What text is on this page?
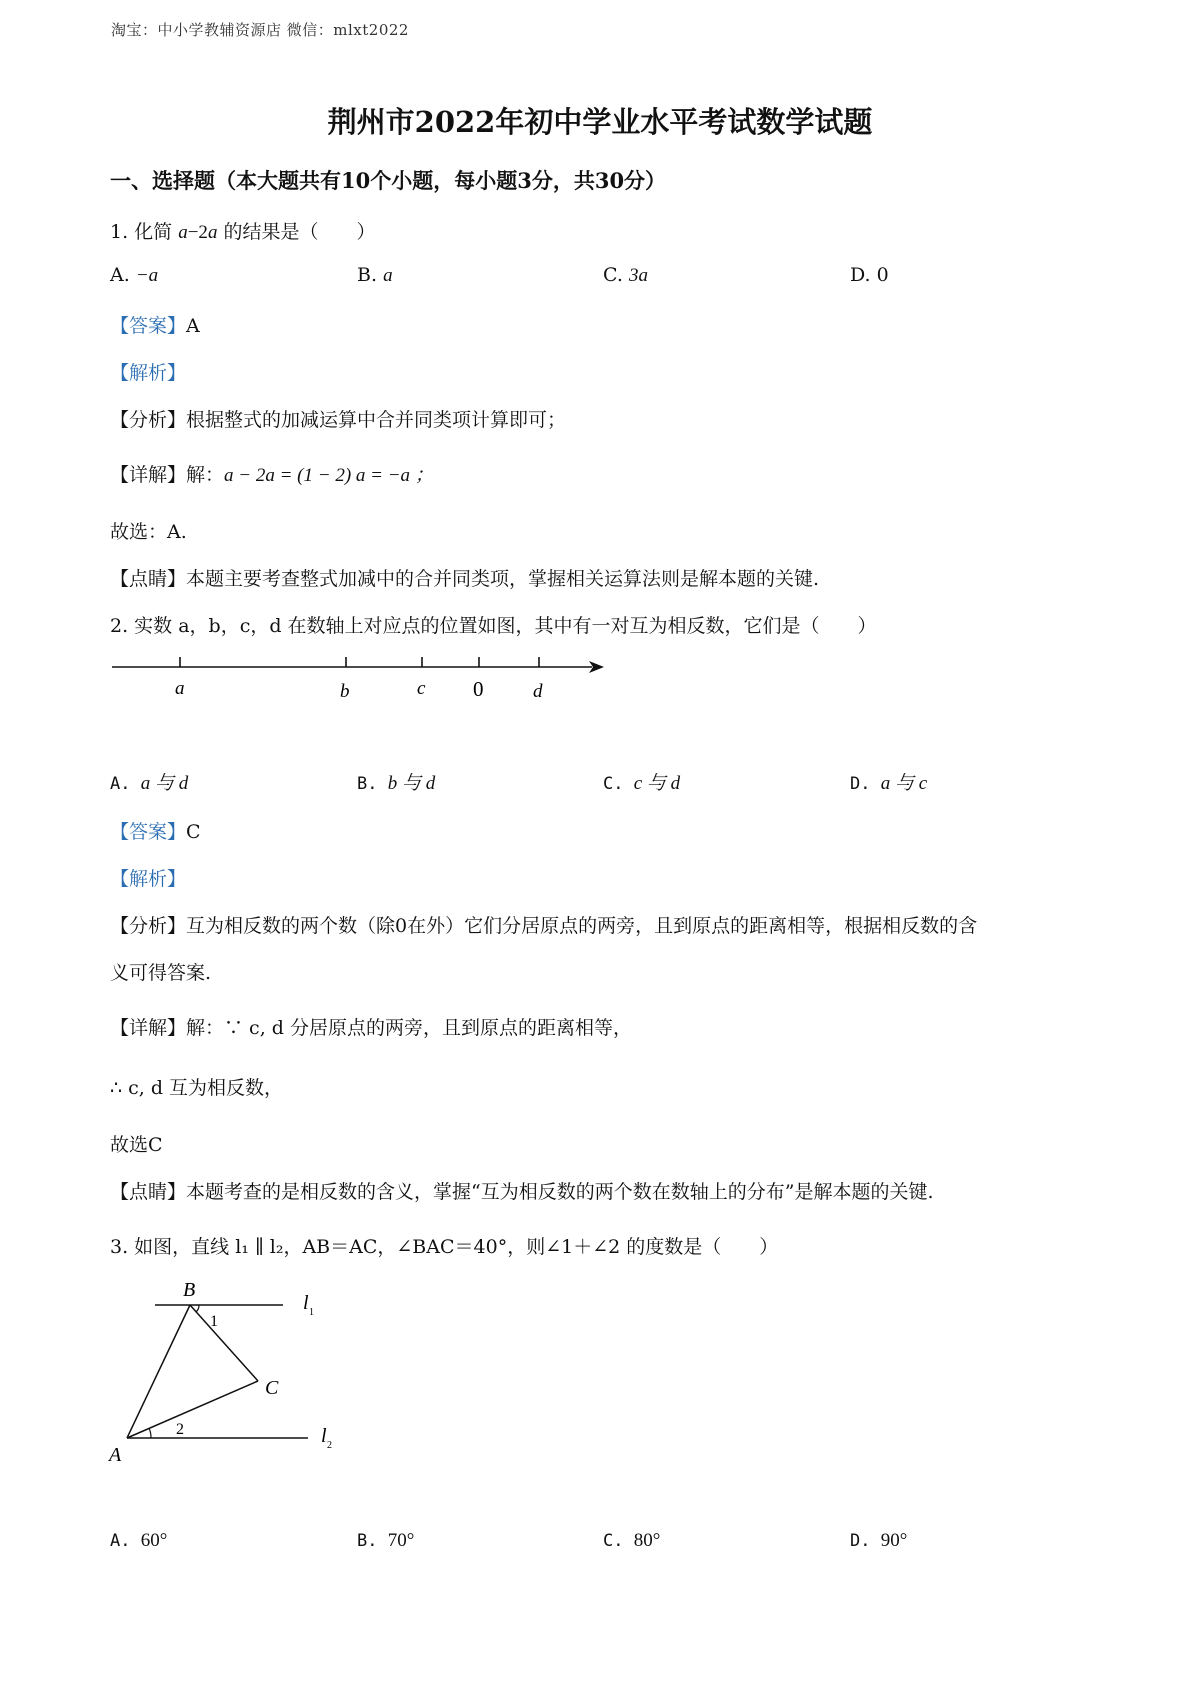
淘宝：中小学教辅资源店 微信：mlxt2022
荆州市2022年初中学业水平考试数学试题
一、选择题（本大题共有10个小题，每小题3分，共30分）
1. 化简 a−2a 的结果是（　　）
A. −a	B. a	C. 3a	D. 0
【答案】A
【解析】
【分析】根据整式的加减运算中合并同类项计算即可；
【详解】解：a − 2a = (1 − 2) a = −a ；
故选：A.
【点睛】本题主要考查整式加减中的合并同类项，掌握相关运算法则是解本题的关键.
2. 实数 a，b，c，d 在数轴上对应点的位置如图，其中有一对互为相反数，它们是（　　）
a	b	c 0	d
A. a 与 d	B. b 与 d	C. c 与 d	D. a 与 c
【答案】C
【解析】
【分析】互为相反数的两个数（除0在外）它们分居原点的两旁，且到原点的距离相等，根据相反数的含
义可得答案.
【详解】解：∵ c, d 分居原点的两旁，且到原点的距离相等，
∴ c, d 互为相反数，
故选C
【点睛】本题考查的是相反数的含义，掌握“互为相反数的两个数在数轴上的分布”是解本题的关键.
3. 如图，直线 l₁ ∥ l₂，AB＝AC，∠BAC＝40°，则∠1＋∠2 的度数是（　　）
B
1
C
2
A
l 1
l 2
A. 60°	B. 70°	C. 80°	D. 90°
